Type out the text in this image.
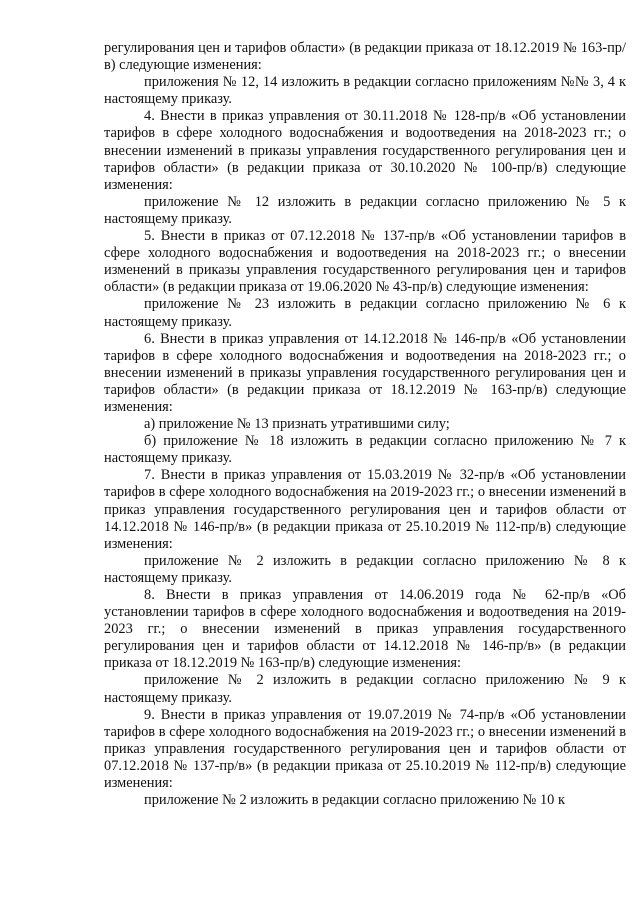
регулирования цен и тарифов области» (в редакции приказа от 18.12.2019 № 163-пр/в) следующие изменения:

приложения № 12, 14 изложить в редакции согласно приложениям №№ 3, 4 к настоящему приказу.

4. Внести в приказ управления от 30.11.2018 № 128-пр/в «Об установлении тарифов в сфере холодного водоснабжения и водоотведения на 2018-2023 гг.; о внесении изменений в приказы управления государственного регулирования цен и тарифов области» (в редакции приказа от 30.10.2020 № 100-пр/в) следующие изменения:

приложение № 12 изложить в редакции согласно приложению № 5 к настоящему приказу.

5. Внести в приказ от 07.12.2018 № 137-пр/в «Об установлении тарифов в сфере холодного водоснабжения и водоотведения на 2018-2023 гг.; о внесении изменений в приказы управления государственного регулирования цен и тарифов области» (в редакции приказа от 19.06.2020 № 43-пр/в) следующие изменения:

приложение № 23 изложить в редакции согласно приложению № 6 к настоящему приказу.

6. Внести в приказ управления от 14.12.2018 № 146-пр/в «Об установлении тарифов в сфере холодного водоснабжения и водоотведения на 2018-2023 гг.; о внесении изменений в приказы управления государственного регулирования цен и тарифов области» (в редакции приказа от 18.12.2019 № 163-пр/в) следующие изменения:

а) приложение № 13 признать утратившими силу;

б) приложение № 18 изложить в редакции согласно приложению № 7 к настоящему приказу.

7. Внести в приказ управления от 15.03.2019 № 32-пр/в «Об установлении тарифов в сфере холодного водоснабжения на 2019-2023 гг.; о внесении изменений в приказ управления государственного регулирования цен и тарифов области от 14.12.2018 № 146-пр/в» (в редакции приказа от 25.10.2019 № 112-пр/в) следующие изменения:

приложение № 2 изложить в редакции согласно приложению № 8 к настоящему приказу.

8. Внести в приказ управления от 14.06.2019 года № 62-пр/в «Об установлении тарифов в сфере холодного водоснабжения и водоотведения на 2019-2023 гг.; о внесении изменений в приказ управления государственного регулирования цен и тарифов области от 14.12.2018 № 146-пр/в» (в редакции приказа от 18.12.2019 № 163-пр/в) следующие изменения:

приложение № 2 изложить в редакции согласно приложению № 9 к настоящему приказу.

9. Внести в приказ управления от 19.07.2019 № 74-пр/в «Об установлении тарифов в сфере холодного водоснабжения на 2019-2023 гг.; о внесении изменений в приказ управления государственного регулирования цен и тарифов области от 07.12.2018 № 137-пр/в» (в редакции приказа от 25.10.2019 № 112-пр/в) следующие изменения:

приложение № 2 изложить в редакции согласно приложению № 10 к
